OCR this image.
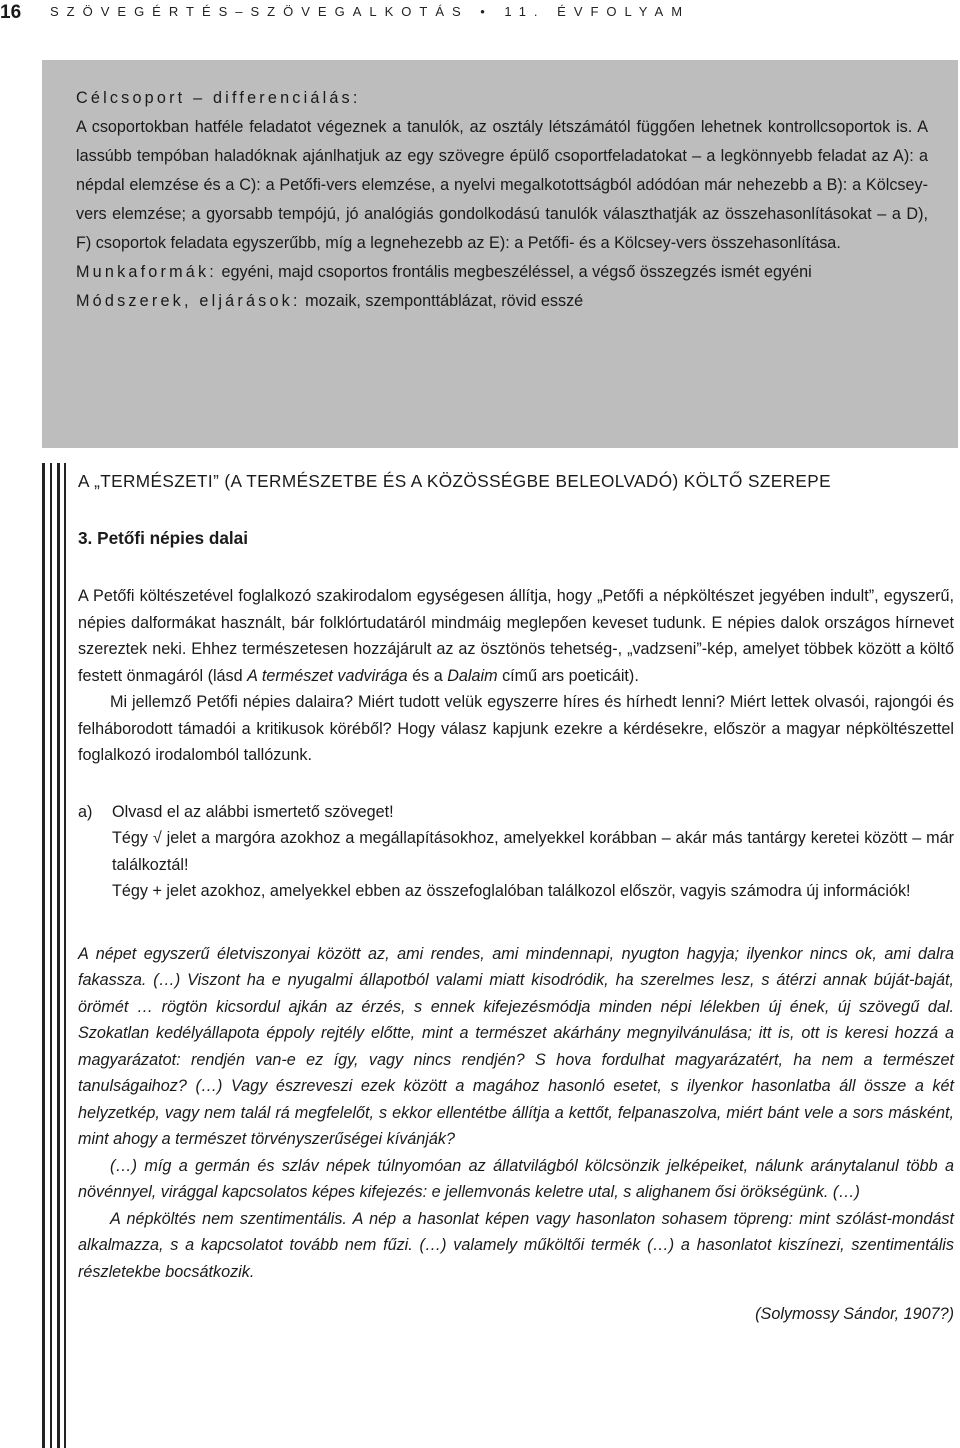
16 SZÖVEGÉRTÉS–SZÖVEGALKOTÁS • 11. ÉVFOLYAM
Célcsoport – differenciálás:

A csoportokban hatféle feladatot végeznek a tanulók, az osztály létszámától függően lehetnek kontrollcsoportok is. A lassúbb tempóban haladóknak ajánlhatjuk az egy szövegre épülő csoportfeladatokat – a legkönnyebb feladat az A): a népdal elemzése és a C): a Petőfi-vers elemzése, a nyelvi megalkotottságból adódóan már nehezebb a B): a Kölcsey-vers elemzése; a gyorsabb tempójú, jó analógiás gondolkodású tanulók választhatják az összehasonlításokat – a D), F) csoportok feladata egyszerűbb, míg a legnehezebb az E): a Petőfi- és a Kölcsey-vers összehasonlítása.

Munkaformák: egyéni, majd csoportos frontális megbeszéléssel, a végső összegzés ismét egyéni

Módszerek, eljárások: mozaik, szemponttáblázat, rövid esszé

A „TERMÉSZETI” (A TERMÉSZETBE ÉS A KÖZÖSSÉGBE BELEOLVADÓ) KÖLTŐ SZEREPE
3. Petőfi népies dalai

A Petőfi költészetével foglalkozó szakirodalom egységesen állítja, hogy „Petőfi a népköltészet jegyében indult”, egyszerű, népies dalformákat használt, bár folklórtudatáról mindmáig meglepően keveset tudunk. E népies dalok országos hírnevet szereztek neki. Ehhez természetesen hozzájárult az az ösztönös tehetség-, „vadzseni”-kép, amelyet többek között a költő festett önmagáról (lásd A természet vadvirága és a Dalaim című ars poeticáit).

Mi jellemző Petőfi népies dalaira? Miért tudott velük egyszerre híres és hírhedt lenni? Miért lettek olvasói, rajongói és felháborodott támadói a kritikusok köréből? Hogy válasz kapjunk ezekre a kérdésekre, először a magyar népköltészettel foglalkozó irodalomból tallózunk.

a)	Olvasd el az alábbi ismertető szöveget!

Tégy √ jelet a margóra azokhoz a megállapításokhoz, amelyekkel korábban – akár más tantárgy keretei között – már találkoztál!

Tégy + jelet azokhoz, amelyekkel ebben az összefoglalóban találkozol először, vagyis számodra új információk!

A népet egyszerű életviszonyai között az, ami rendes, ami mindennapi, nyugton hagyja; ilyenkor nincs ok, ami dalra fakassza. (…) Viszont ha e nyugalmi állapotból valami miatt kisodródik, ha szerelmes lesz, s átérzi annak búját-baját, örömét … rögtön kicsordul ajkán az érzés, s ennek kifejezésmódja minden népi lélekben új ének, új szövegű dal. Szokatlan kedélyállapota éppoly rejtély előtte, mint a természet akárhány megnyilvánulása; itt is, ott is keresi hozzá a magyarázatot: rendjén van-e ez így, vagy nincs rendjén? S hova fordulhat magyarázatért, ha nem a természet tanulságaihoz? (…) Vagy észreveszi ezek között a magához hasonló esetet, s ilyenkor hasonlatba áll össze a két helyzetkép, vagy nem talál rá megfelelőt, s ekkor ellentétbe állítja a kettőt, felpanaszolva, miért bánt vele a sors másként, mint ahogy a természet törvényszerűségei kívánják?

(…) míg a germán és szláv népek túlnyomóan az állatvilágból kölcsönzik jelképeiket, nálunk aránytalanul több a növénnyel, virággal kapcsolatos képes kifejezés: e jellemvonás keletre utal, s alighanem ősi örökségünk. (…)

A népköltés nem szentimentális. A nép a hasonlat képen vagy hasonlaton sohasem töpreng: mint szólást-mondást alkalmazza, s a kapcsolatot tovább nem fűzi. (…) valamely műköltői termék (…) a hasonlatot kiszínezi, szentimentális részletekbe bocsátkozik.

(Solymossy Sándor, 1907?)
